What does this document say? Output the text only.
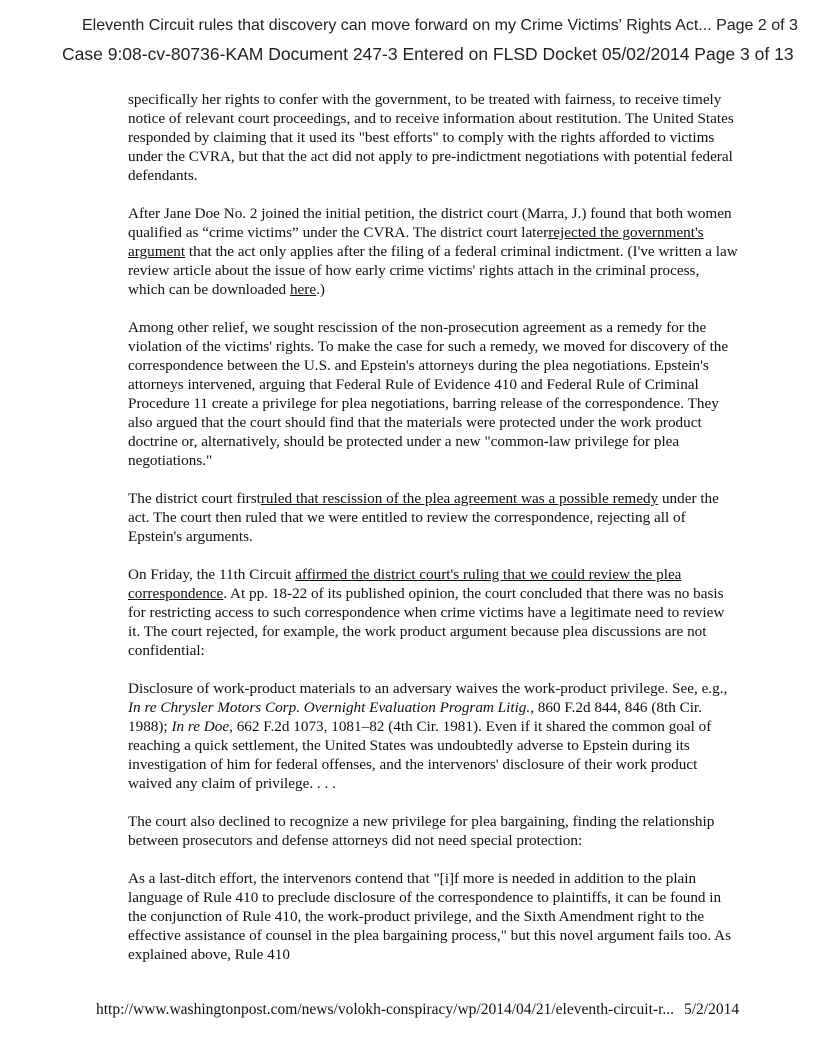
Eleventh Circuit rules that discovery can move forward on my Crime Victims' Rights Act... Page 2 of 3
Case 9:08-cv-80736-KAM Document 247-3 Entered on FLSD Docket 05/02/2014 Page 3 of 13

specifically her rights to confer with the government, to be treated with fairness, to receive timely notice of relevant court proceedings, and to receive information about restitution. The United States responded by claiming that it used its "best efforts" to comply with the rights afforded to victims under the CVRA, but that the act did not apply to pre-indictment negotiations with potential federal defendants.

After Jane Doe No. 2 joined the initial petition, the district court (Marra, J.) found that both women qualified as “crime victims” under the CVRA. The district court laterrejected the government's argument that the act only applies after the filing of a federal criminal indictment. (I've written a law review article about the issue of how early crime victims' rights attach in the criminal process, which can be downloaded here.)

Among other relief, we sought rescission of the non-prosecution agreement as a remedy for the violation of the victims' rights. To make the case for such a remedy, we moved for discovery of the correspondence between the U.S. and Epstein's attorneys during the plea negotiations. Epstein's attorneys intervened, arguing that Federal Rule of Evidence 410 and Federal Rule of Criminal Procedure 11 create a privilege for plea negotiations, barring release of the correspondence. They also argued that the court should find that the materials were protected under the work product doctrine or, alternatively, should be protected under a new "common-law privilege for plea negotiations."

The district court firstruled that rescission of the plea agreement was a possible remedy under the act. The court then ruled that we were entitled to review the correspondence, rejecting all of Epstein's arguments.

On Friday, the 11th Circuit affirmed the district court's ruling that we could review the plea correspondence. At pp. 18-22 of its published opinion, the court concluded that there was no basis for restricting access to such correspondence when crime victims have a legitimate need to review it. The court rejected, for example, the work product argument because plea discussions are not confidential:

Disclosure of work-product materials to an adversary waives the work-product privilege. See, e.g., In re Chrysler Motors Corp. Overnight Evaluation Program Litig., 860 F.2d 844, 846 (8th Cir. 1988); In re Doe, 662 F.2d 1073, 1081–82 (4th Cir. 1981). Even if it shared the common goal of reaching a quick settlement, the United States was undoubtedly adverse to Epstein during its investigation of him for federal offenses, and the intervenors' disclosure of their work product waived any claim of privilege. . . .

The court also declined to recognize a new privilege for plea bargaining, finding the relationship between prosecutors and defense attorneys did not need special protection:

As a last-ditch effort, the intervenors contend that "[i]f more is needed in addition to the plain language of Rule 410 to preclude disclosure of the correspondence to plaintiffs, it can be found in the conjunction of Rule 410, the work-product privilege, and the Sixth Amendment right to the effective assistance of counsel in the plea bargaining process," but this novel argument fails too. As explained above, Rule 410

http://www.washingtonpost.com/news/volokh-conspiracy/wp/2014/04/21/eleventh-circuit-r... 5/2/2014
